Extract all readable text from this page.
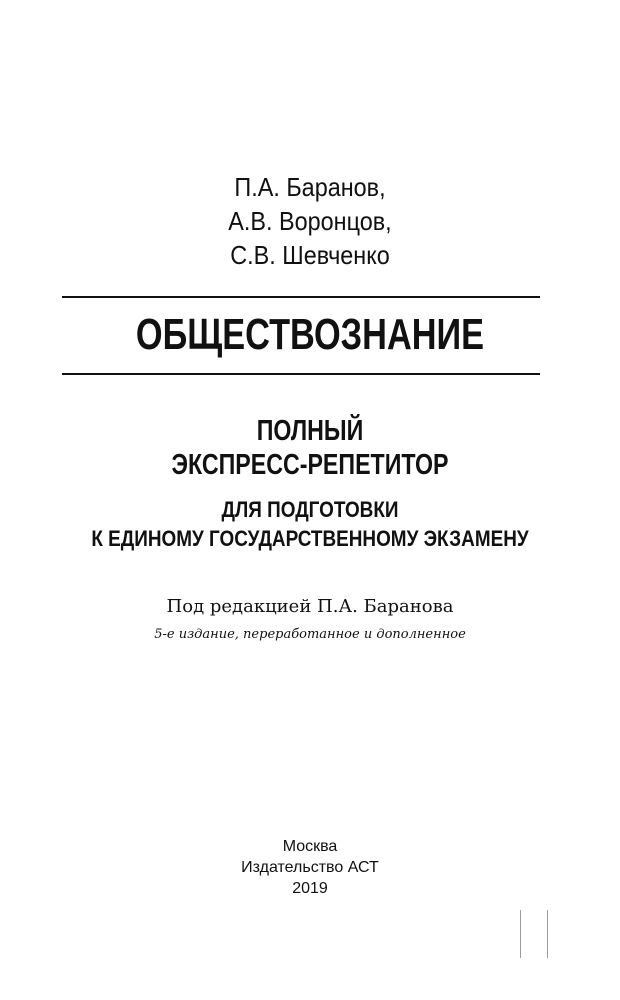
П.А. Баранов,
А.В. Воронцов,
С.В. Шевченко
ОБЩЕСТВОЗНАНИЕ
ПОЛНЫЙ
ЭКСПРЕСС-РЕПЕТИТОР
ДЛЯ ПОДГОТОВКИ
К ЕДИНОМУ ГОСУДАРСТВЕННОМУ ЭКЗАМЕНУ
Под редакцией П.А. Баранова
5-е издание, переработанное и дополненное
Москва
Издательство АСТ
2019
